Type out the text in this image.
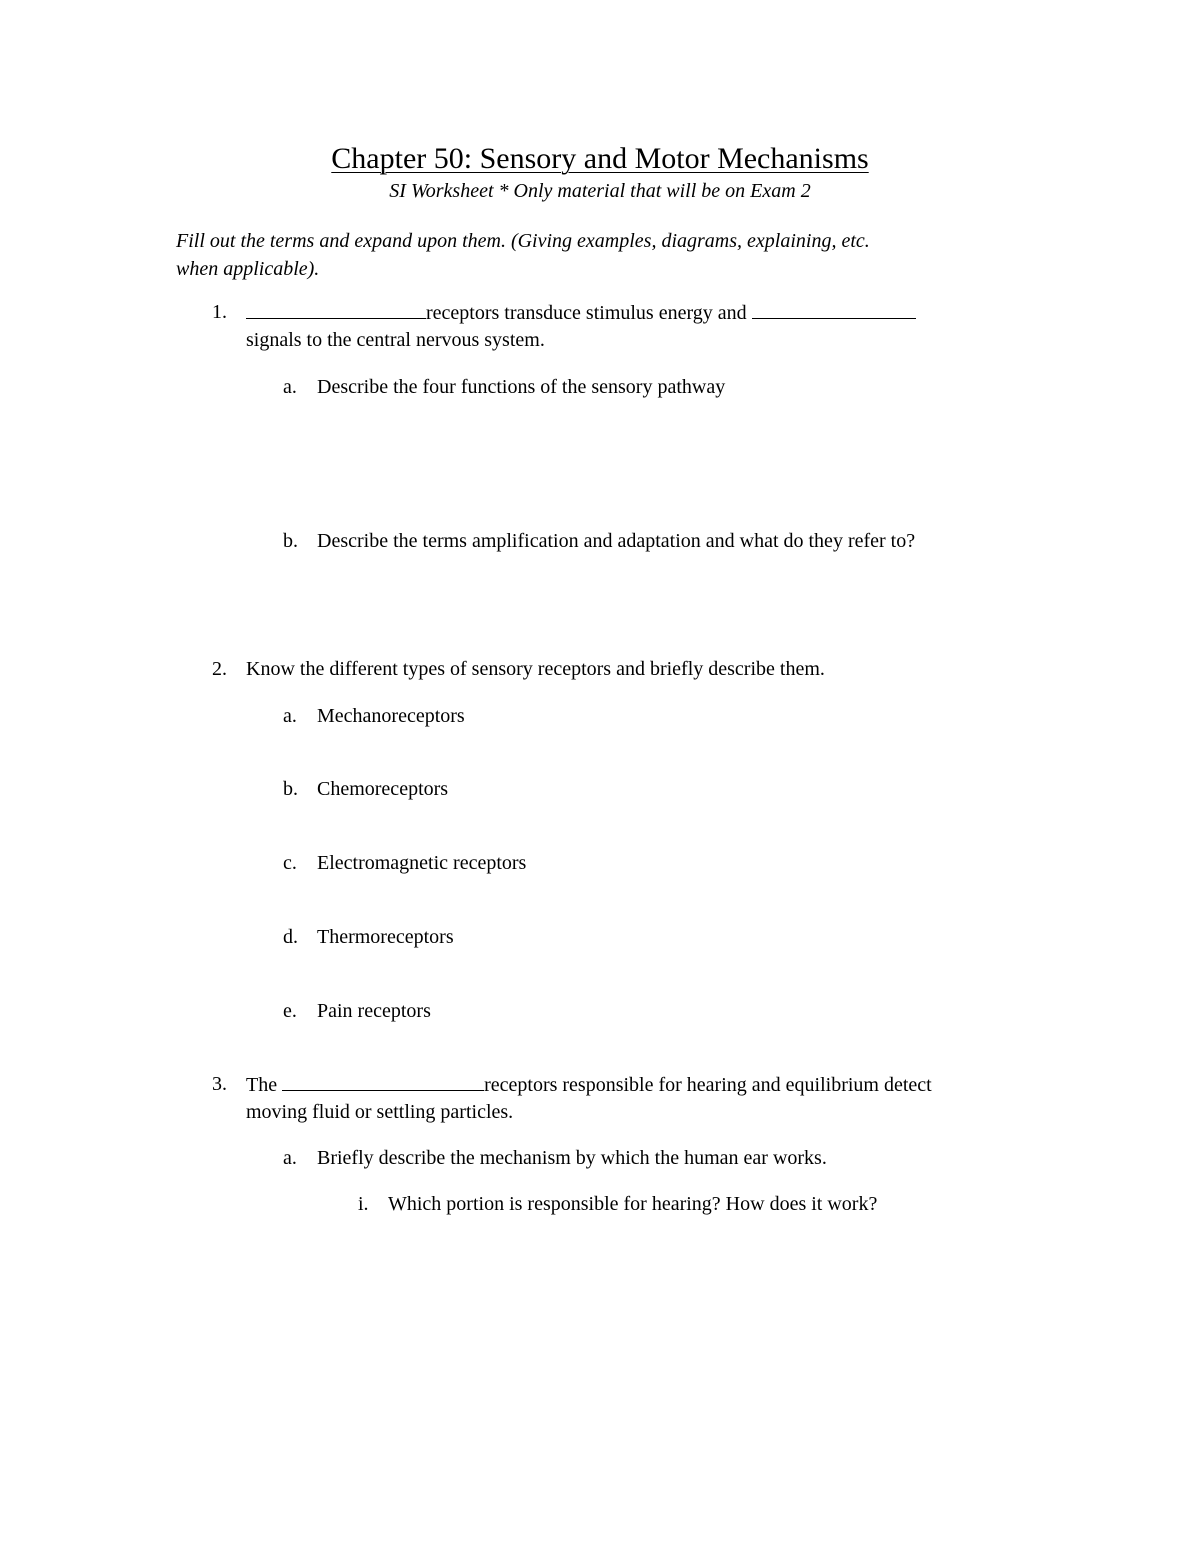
Chapter 50: Sensory and Motor Mechanisms
SI Worksheet * Only material that will be on Exam 2
Fill out the terms and expand upon them. (Giving examples, diagrams, explaining, etc.
when applicable).
1.	receptors transduce stimulus energy and
signals to the central nervous system.
a. Describe the four functions of the sensory pathway
b. Describe the terms amplification and adaptation and what do they refer to?
2. Know the different types of sensory receptors and briefly describe them.
a. Mechanoreceptors
b. Chemoreceptors
c. Electromagnetic receptors
d. Thermoreceptors
e. Pain receptors
3. The	receptors responsible for hearing and equilibrium detect
moving fluid or settling particles.
a. Briefly describe the mechanism by which the human ear works.
i. Which portion is responsible for hearing? How does it work?
